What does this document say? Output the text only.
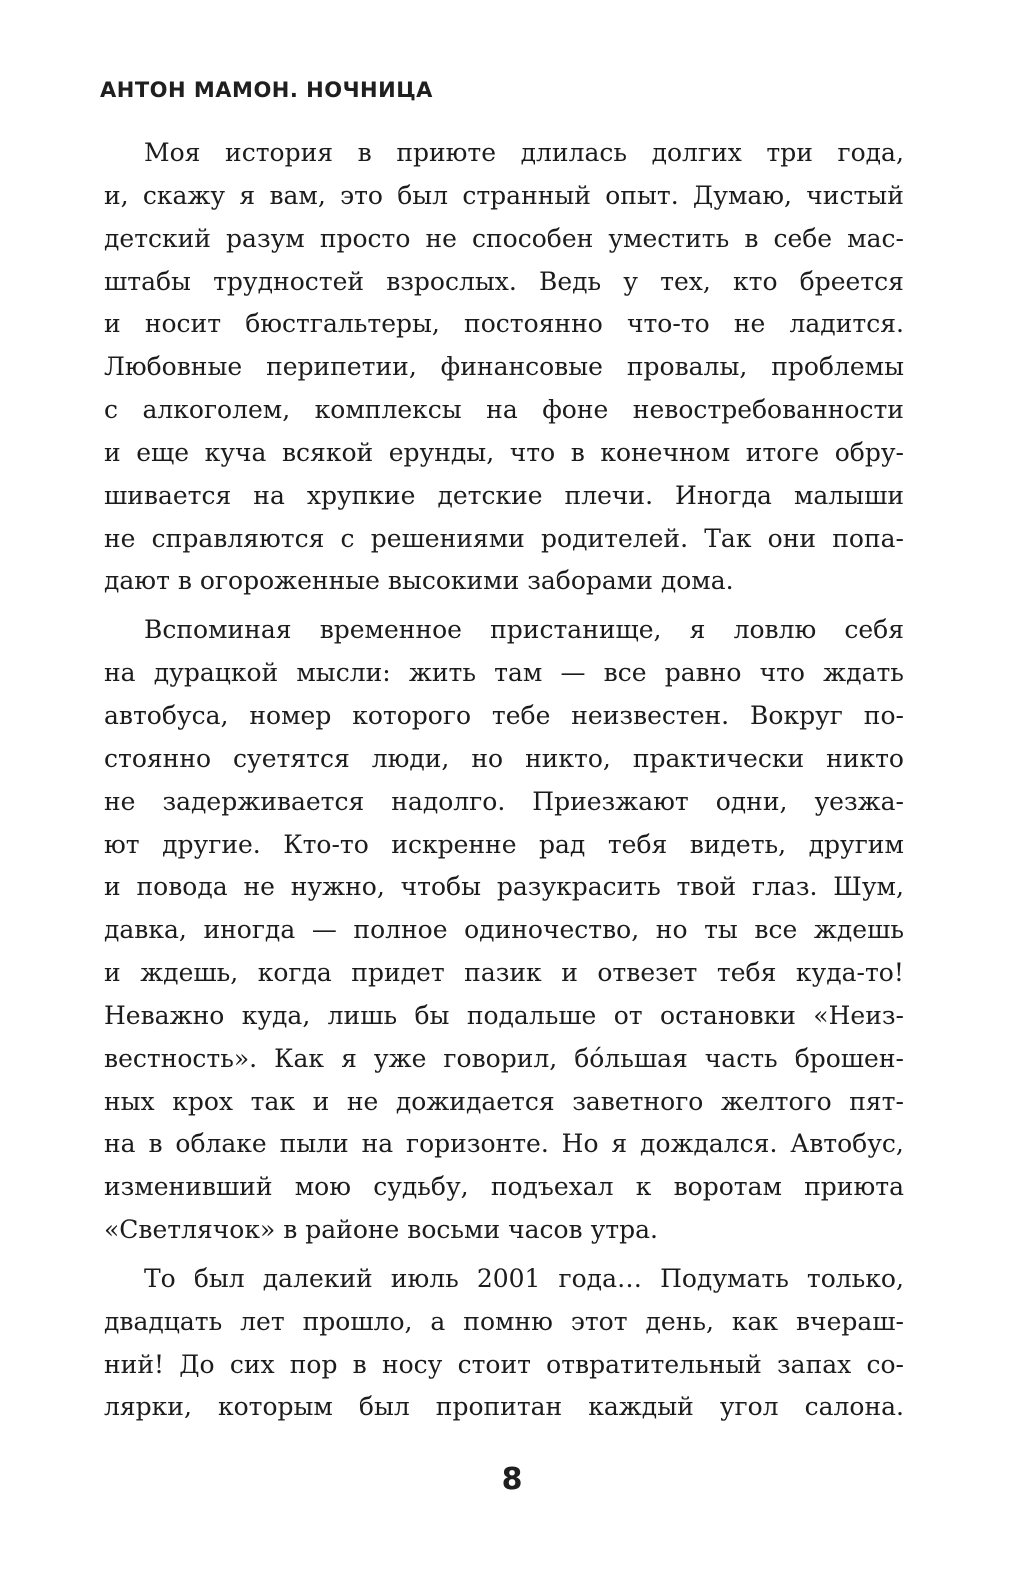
АНТОН МАМОН. НОЧНИЦА
Моя история в приюте длилась долгих три года,
и, скажу я вам, это был странный опыт. Думаю, чистый
детский разум просто не способен уместить в себе мас-
штабы трудностей взрослых. Ведь у тех, кто бреется
и носит бюстгальтеры, постоянно что-то не ладится.
Любовные перипетии, финансовые провалы, проблемы
с алкоголем, комплексы на фоне невостребованности
и еще куча всякой ерунды, что в конечном итоге обру-
шивается на хрупкие детские плечи. Иногда малыши
не справляются с решениями родителей. Так они попа-
дают в огороженные высокими заборами дома.
Вспоминая временное пристанище, я ловлю себя
на дурацкой мысли: жить там — все равно что ждать
автобуса, номер которого тебе неизвестен. Вокруг по-
стоянно суетятся люди, но никто, практически никто
не задерживается надолго. Приезжают одни, уезжа-
ют другие. Кто-то искренне рад тебя видеть, другим
и повода не нужно, чтобы разукрасить твой глаз. Шум,
давка, иногда — полное одиночество, но ты все ждешь
и ждешь, когда придет пазик и отвезет тебя куда-то!
Неважно куда, лишь бы подальше от остановки «Неиз-
вестность». Как я уже говорил, бóльшая часть брошен-
ных крох так и не дожидается заветного желтого пят-
на в облаке пыли на горизонте. Но я дождался. Автобус,
изменивший мою судьбу, подъехал к воротам приюта
«Светлячок» в районе восьми часов утра.
То был далекий июль 2001 года… Подумать только,
двадцать лет прошло, а помню этот день, как вчераш-
ний! До сих пор в носу стоит отвратительный запах со-
лярки, которым был пропитан каждый угол салона.
8
